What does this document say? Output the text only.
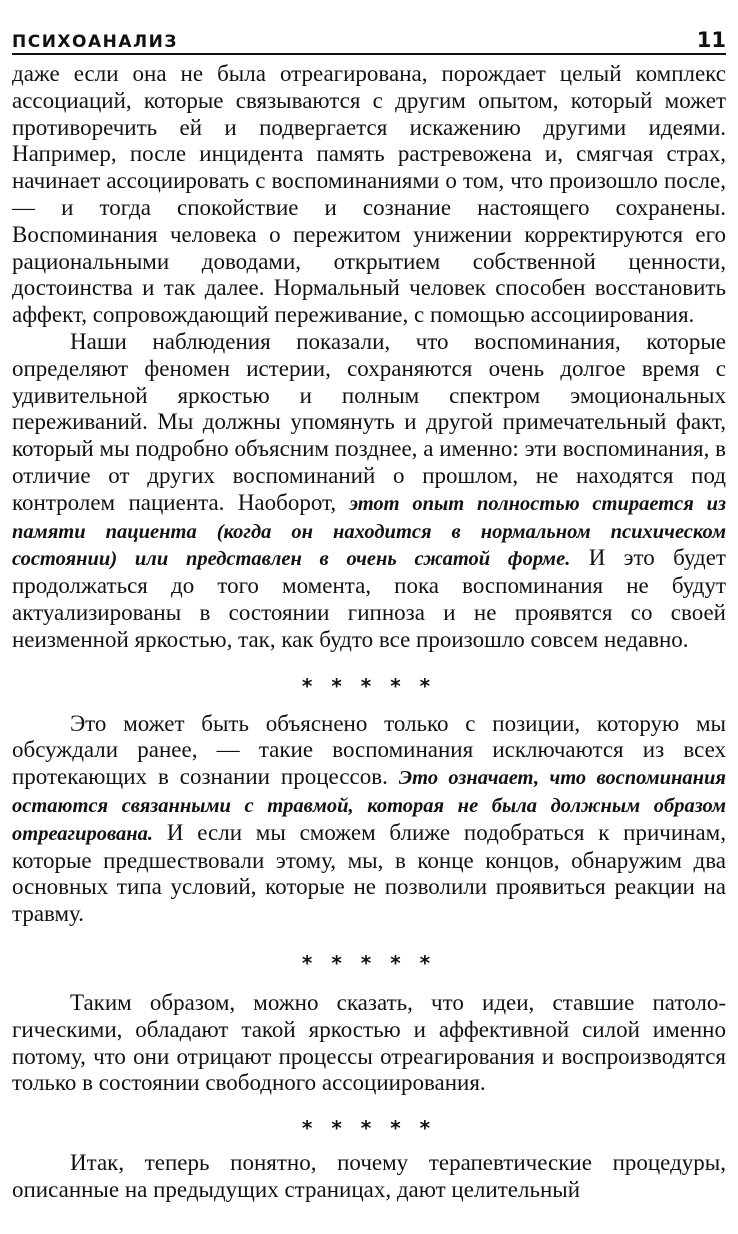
ПСИХОАНАЛИЗ	11

даже если она не была отреагирована, порождает целый комплекс ассоциаций, которые связываются с другим опытом, который может противоречить ей и подвергается искажению другими идеями. Например, после инцидента память растревожена и, смягчая страх, начинает ассоциировать с воспоминаниями о том, что произошло после, — и тогда спокойствие и сознание настоящего сохранены. Воспоминания человека о пережитом унижении корректируются его рациональными доводами, открытием собственной ценности, достоинства и так далее. Нормальный человек способен восстановить аффект, сопровождающий переживание, с помощью ассоциирования.

Наши наблюдения показали, что воспоминания, которые определяют феномен истерии, сохраняются очень долгое время с удивительной яркостью и полным спектром эмоциональных переживаний. Мы должны упомянуть и другой примечательный факт, который мы подробно объясним позднее, а именно: эти воспоминания, в отличие от других воспоминаний о прошлом, не находятся под контролем пациента. Наоборот, этот опыт полностью стирается из памяти пациента (когда он находится в нормальном психическом состоянии) или представлен в очень сжатой форме. И это будет продолжаться до того момента, пока воспоминания не будут актуализированы в состоянии гипноза и не проявятся со своей неизменной яркостью, так, как будто все произошло совсем недавно.

* * * * *

Это может быть объяснено только с позиции, которую мы обсуждали ранее, — такие воспоминания исключаются из всех протекающих в сознании процессов. Это означает, что воспоминания остаются связанными с травмой, которая не была должным образом отреагирована. И если мы сможем ближе подобраться к причинам, которые предшествовали этому, мы, в конце концов, обнаружим два основных типа условий, которые не позволили проявиться реакции на травму.

* * * * *

Таким образом, можно сказать, что идеи, ставшие патологическими, обладают такой яркостью и аффективной силой именно потому, что они отрицают процессы отреагирования и воспроизводятся только в состоянии свободного ассоциирования.

* * * * *

Итак, теперь понятно, почему терапевтические процедуры, описанные на предыдущих страницах, дают целительный
